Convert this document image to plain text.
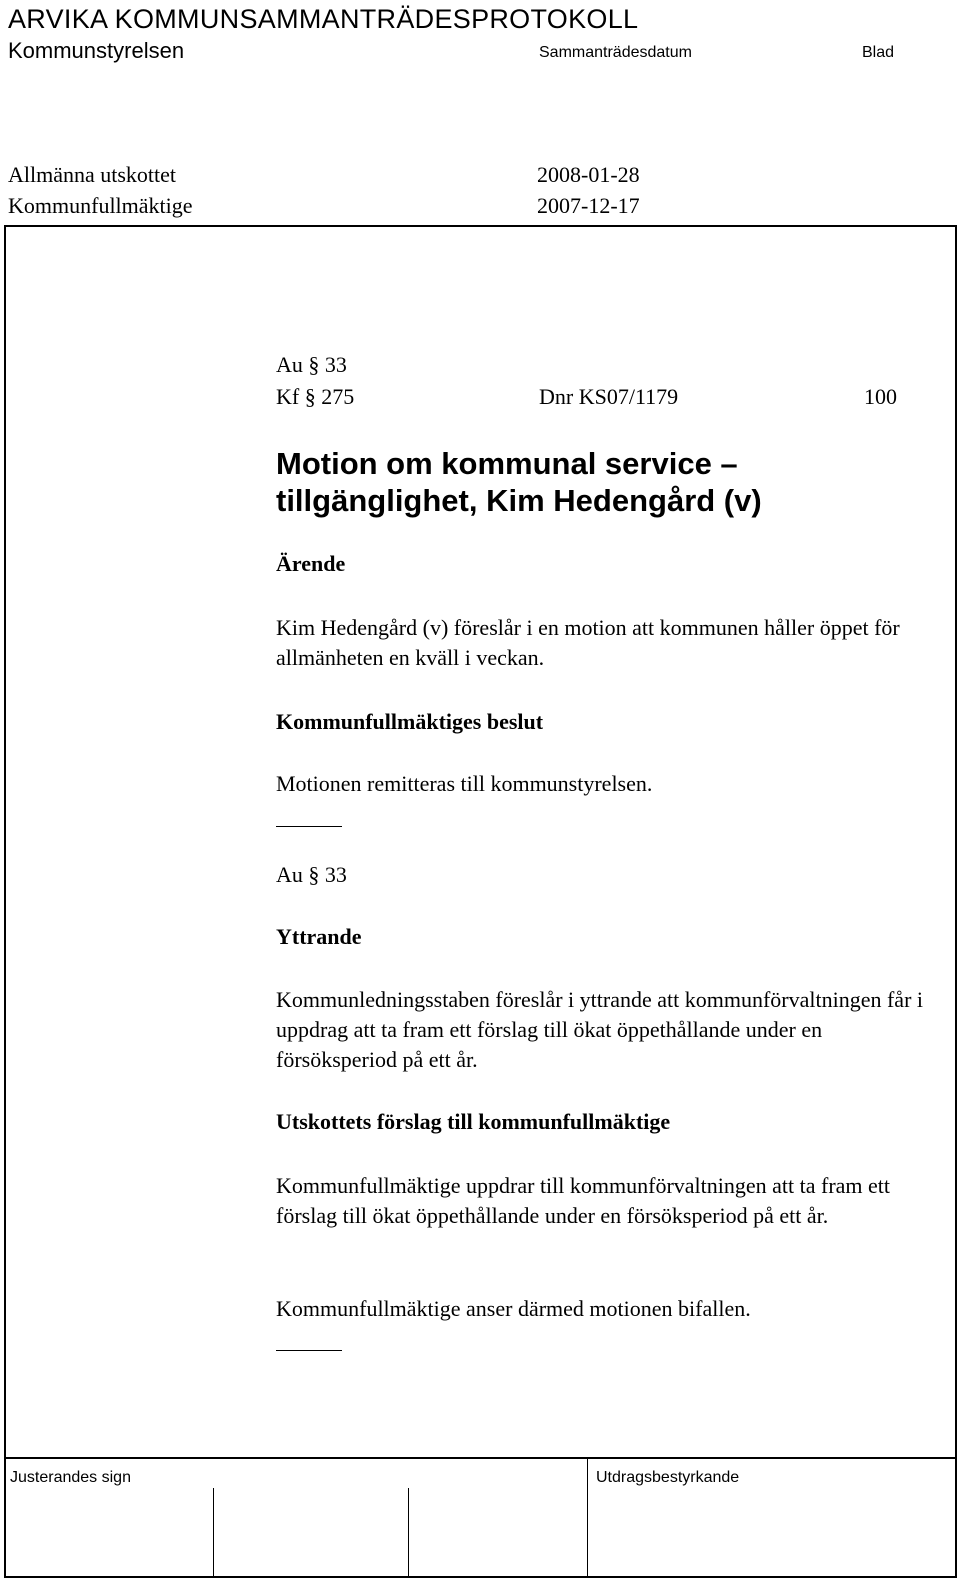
ARVIKA KOMMUNSAMMANTRÄDESPROTOKOLL
Kommunstyrelsen	Sammanträdesdatum	Blad
Allmänna utskottet	2008-01-28
Kommunfullmäktige	2007-12-17
Au § 33
Kf § 275	Dnr KS07/1179	100
Motion om kommunal service – tillgänglighet, Kim Hedengård (v)
Ärende
Kim Hedengård (v) föreslår i en motion att kommunen håller öppet för allmänheten en kväll i veckan.
Kommunfullmäktiges beslut
Motionen remitteras till kommunstyrelsen.
Au § 33
Yttrande
Kommunledningsstaben föreslår i yttrande att kommunförvaltningen får i uppdrag att ta fram ett förslag till ökat öppethållande under en försöksperiod på ett år.
Utskottets förslag till kommunfullmäktige
Kommunfullmäktige uppdrar till kommunförvaltningen att ta fram ett förslag till ökat öppethållande under en försöksperiod på ett år.
Kommunfullmäktige anser därmed motionen bifallen.
Justerandes sign	Utdragsbestyrkande
